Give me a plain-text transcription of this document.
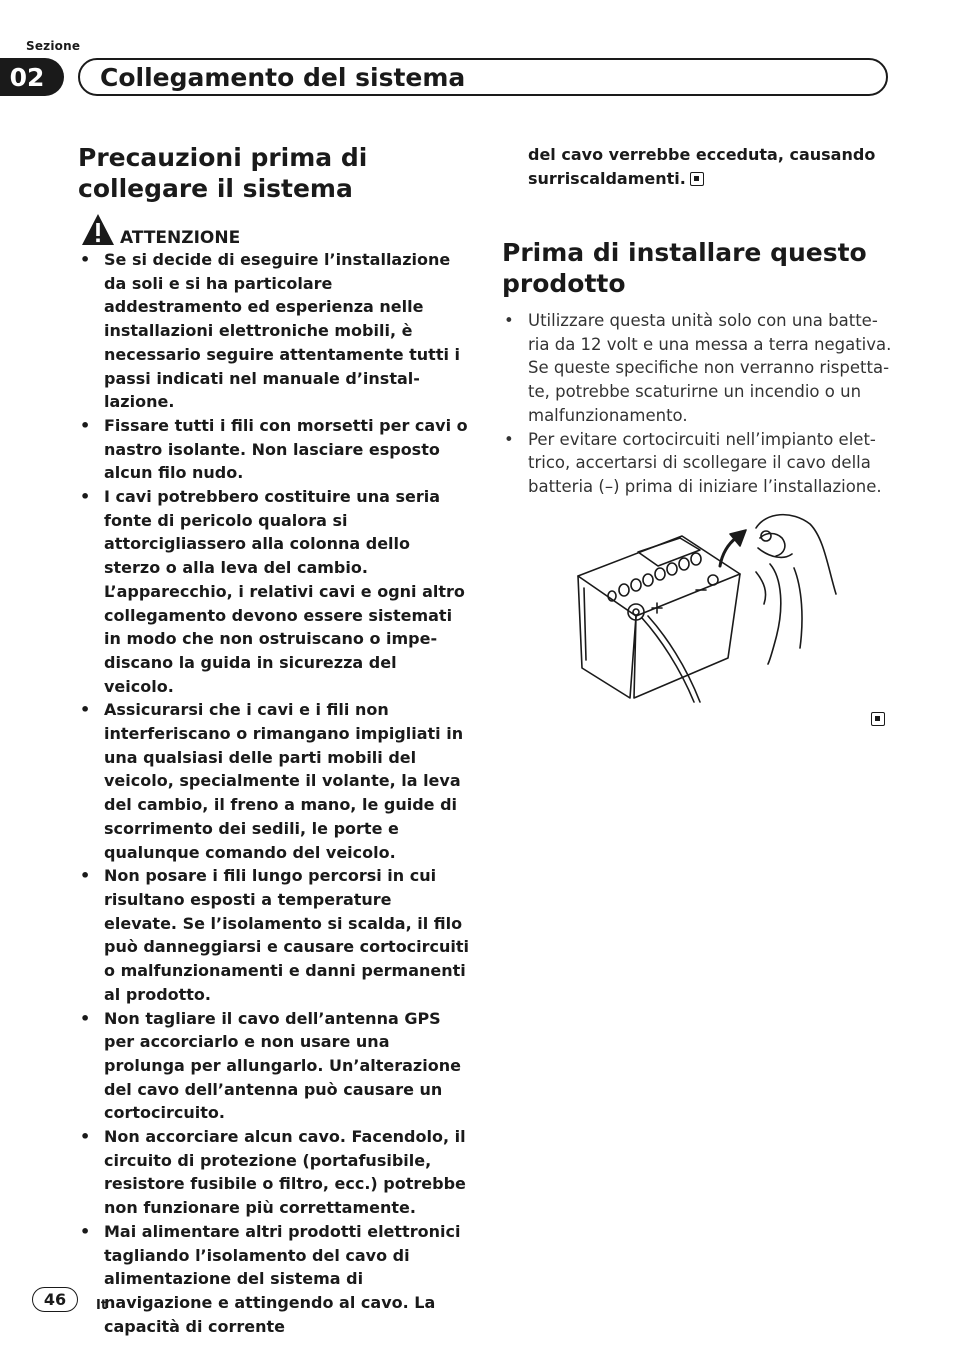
Sezione
02	Collegamento del sistema
Precauzioni prima di collegare il sistema
ATTENZIONE
• Se si decide di eseguire l’installazione da soli e si ha particolare addestramento ed esperienza nelle installazioni elettroniche mobili, è necessario seguire attentamente tutti i passi indicati nel manuale d’installazione.
• Fissare tutti i fili con morsetti per cavi o nastro isolante. Non lasciare esposto alcun filo nudo.
• I cavi potrebbero costituire una seria fonte di pericolo qualora si attorcigliassero alla colonna dello sterzo o alla leva del cambio. L’apparecchio, i relativi cavi e ogni altro collegamento devono essere sistemati in modo che non ostruiscano o impediscano la guida in sicurezza del veicolo.
• Assicurarsi che i cavi e i fili non interferiscano o rimangano impigliati in una qualsiasi delle parti mobili del veicolo, specialmente il volante, la leva del cambio, il freno a mano, le guide di scorrimento dei sedili, le porte e qualunque comando del veicolo.
• Non posare i fili lungo percorsi in cui risultano esposti a temperature elevate. Se l’isolamento si scalda, il filo può danneggiarsi e causare cortocircuiti o malfunzionamenti e danni permanenti al prodotto.
• Non tagliare il cavo dell’antenna GPS per accorciarlo e non usare una prolunga per allungarlo. Un’alterazione del cavo dell’antenna può causare un cortocircuito.
• Non accorciare alcun cavo. Facendolo, il circuito di protezione (portafusibile, resistore fusibile o filtro, ecc.) potrebbe non funzionare più correttamente.
• Mai alimentare altri prodotti elettronici tagliando l’isolamento del cavo di alimentazione del sistema di navigazione e attingendo al cavo. La capacità di corrente
del cavo verrebbe ecceduta, causando surriscaldamenti.
Prima di installare questo prodotto
• Utilizzare questa unità solo con una batteria da 12 volt e una messa a terra negativa. Se queste specifiche non verranno rispettate, potrebbe scaturirne un incendio o un malfunzionamento.
• Per evitare cortocircuiti nell’impianto elettrico, accertarsi di scollegare il cavo della batteria (–) prima di iniziare l’installazione.
46	It
